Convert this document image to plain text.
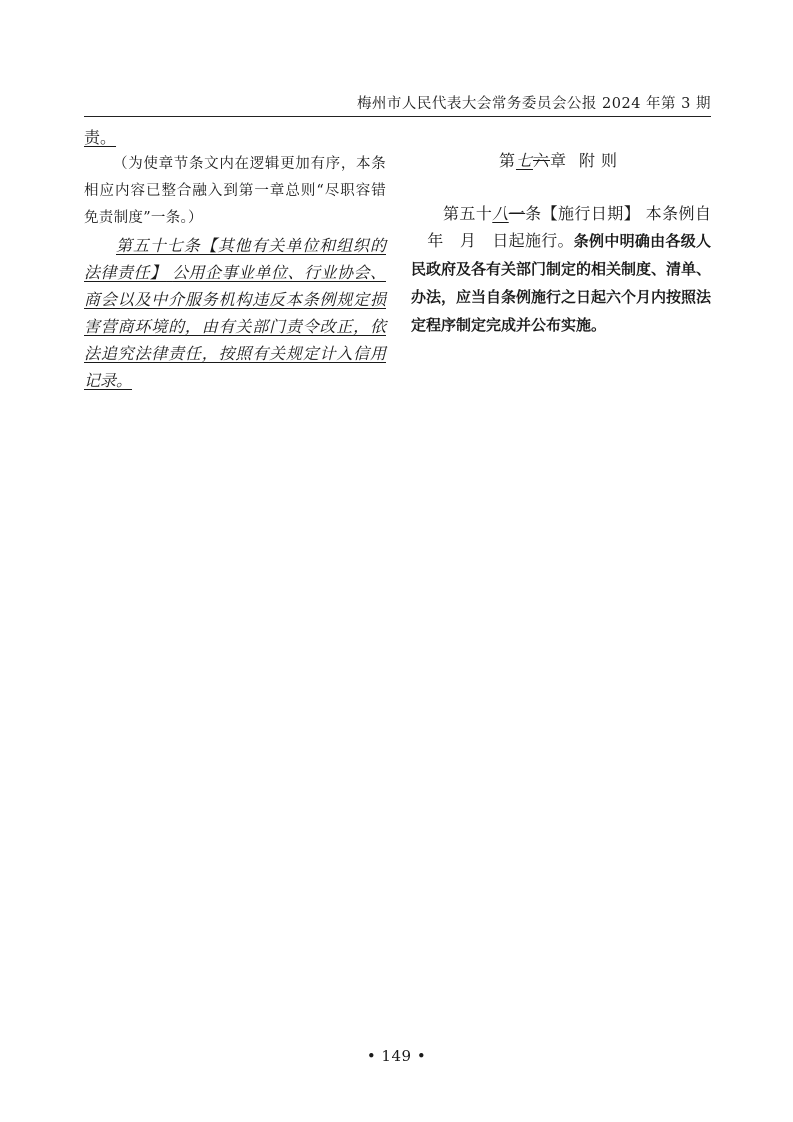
梅州市人民代表大会常务委员会公报 2024 年第 3 期

责。

（为使章节条文内在逻辑更加有序，本条相应内容已整合融入到第一章总则“尽职容错免责制度”一条。）

第五十七条【其他有关单位和组织的法律责任】 公用企事业单位、行业协会、商会以及中介服务机构违反本条例规定损害营商环境的，由有关部门责令改正，依法追究法律责任，按照有关规定计入信用记录。

第七六章 附则

第五十八一条【施行日期】 本条例自年 月 日起施行。条例中明确由各级人民政府及各有关部门制定的相关制度、清单、办法，应当自条例施行之日起六个月内按照法定程序制定完成并公布实施。

• 149 •
